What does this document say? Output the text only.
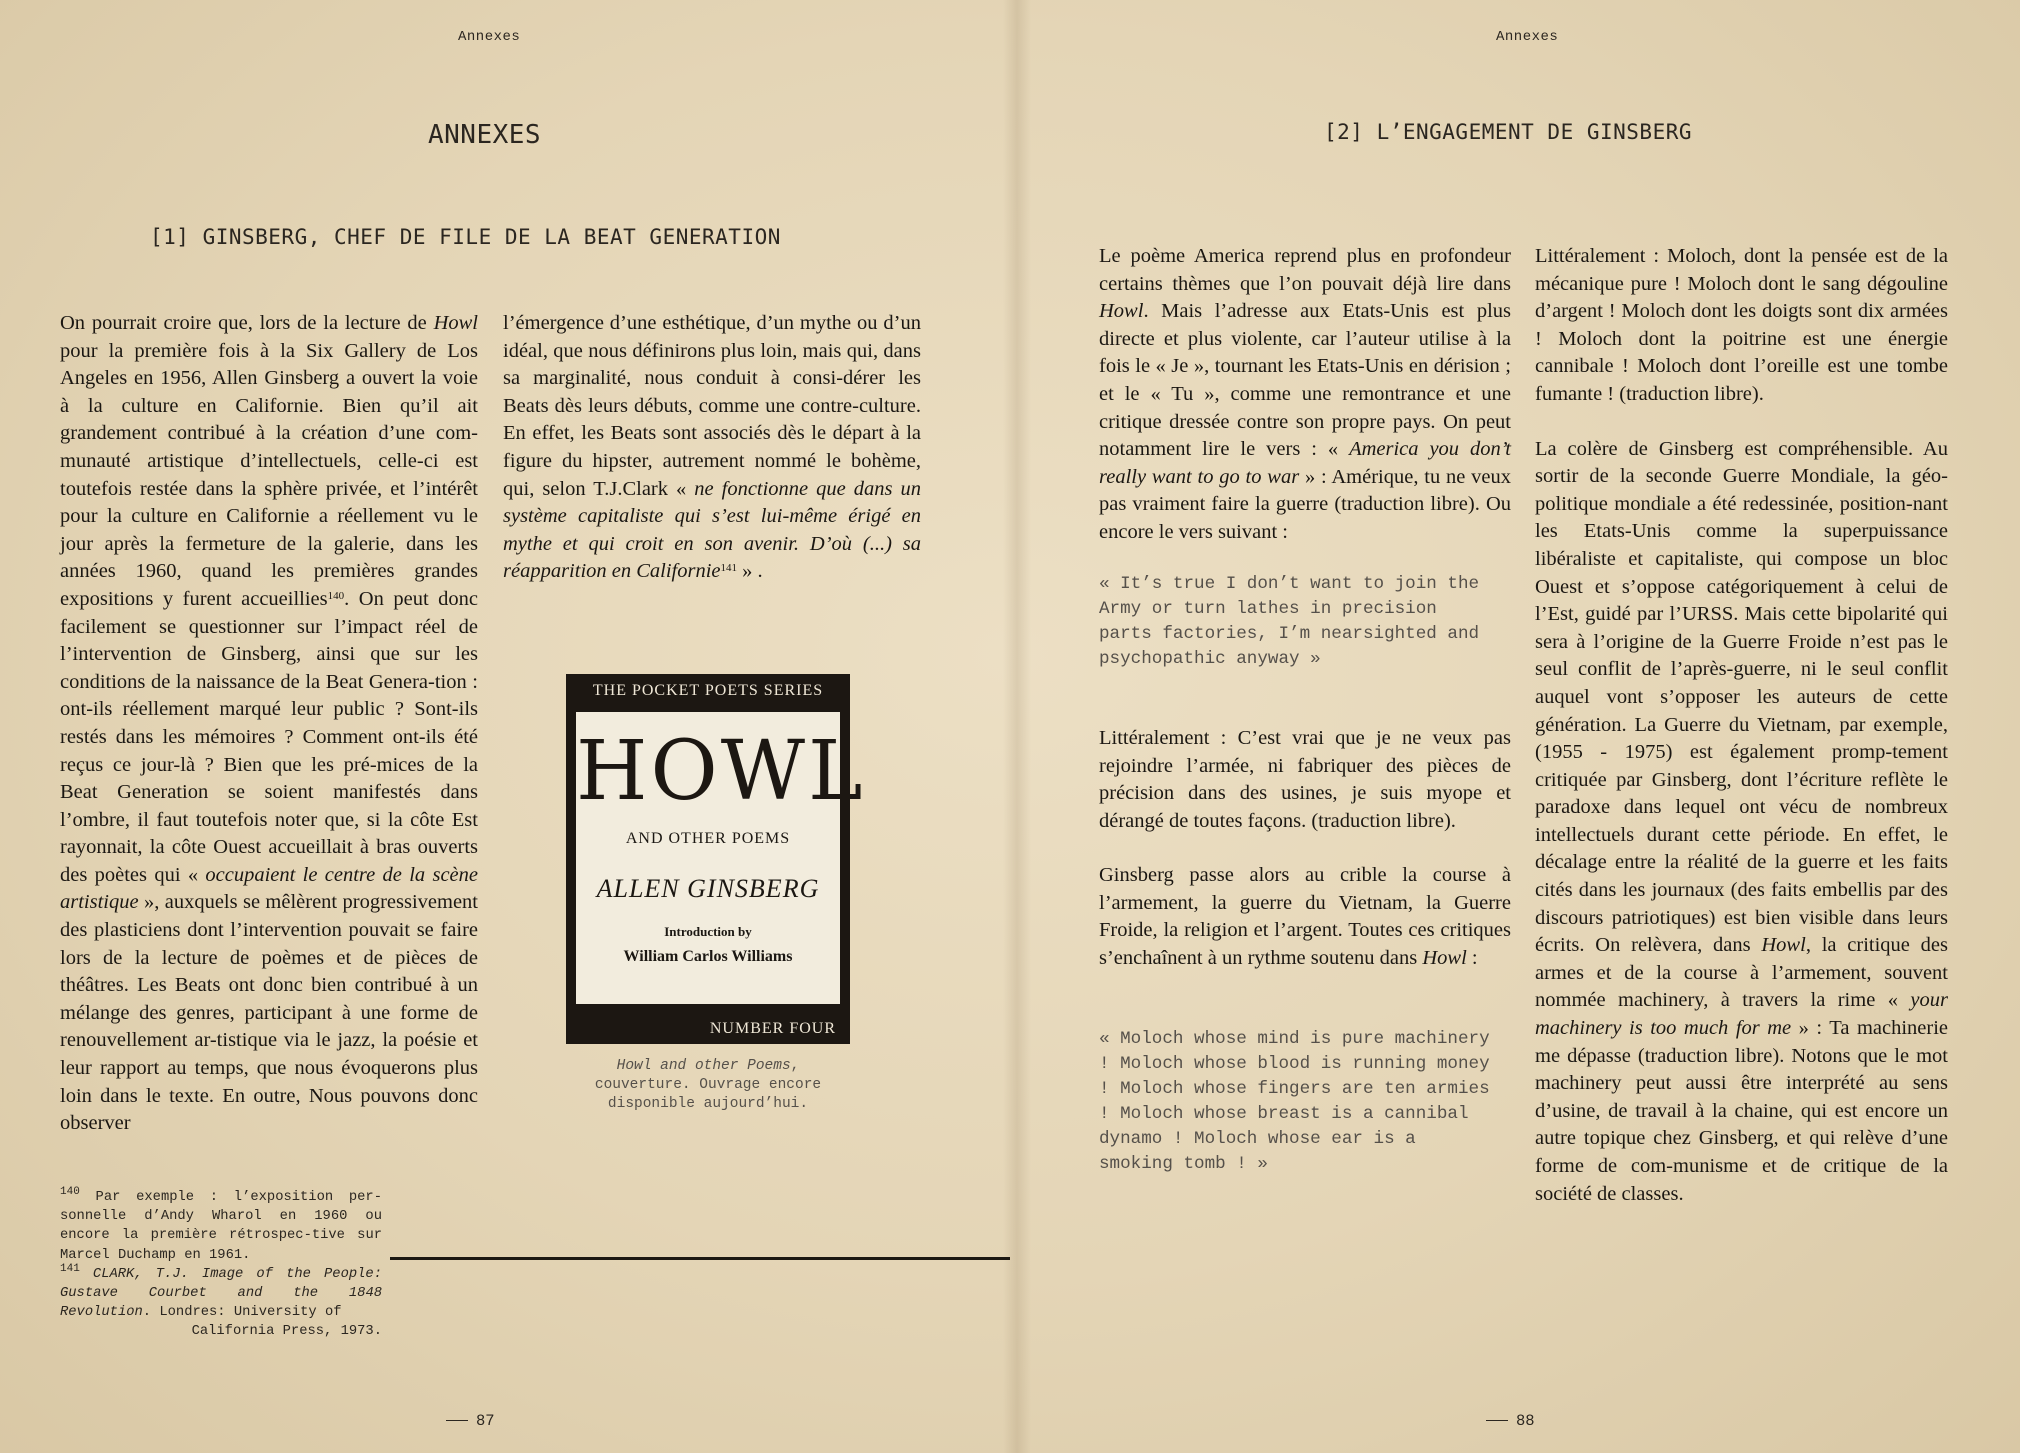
Annexes
ANNEXES
[1] GINSBERG, CHEF DE FILE DE LA BEAT GENERATION

On pourrait croire que, lors de la lecture de Howl pour la première fois à la Six Gallery de Los Angeles en 1956, Allen Ginsberg a ouvert la voie à la culture en Californie. Bien qu’il ait grandement contribué à la création d’une com-munauté artistique d’intellectuels, celle-ci est toutefois restée dans la sphère privée, et l’intérêt pour la culture en Californie a réellement vu le jour après la fermeture de la galerie, dans les années 1960, quand les premières grandes expositions y furent accueillies$^{140}$. On peut donc facilement se questionner sur l’impact réel de l’intervention de Ginsberg, ainsi que sur les conditions de la naissance de la Beat Genera-tion : ont-ils réellement marqué leur public ? Sont-ils restés dans les mémoires ? Comment ont-ils été reçus ce jour-là ? Bien que les pré-mices de la Beat Generation se soient manifestés dans l’ombre, il faut toutefois noter que, si la côte Est rayonnait, la côte Ouest accueillait à bras ouverts des poètes qui « occupaient le centre de la scène artistique », auxquels se mêlèrent progressivement des plasticiens dont l’intervention pouvait se faire lors de la lecture de poèmes et de pièces de théâtres. Les Beats ont donc bien contribué à un mélange des genres, participant à une forme de renouvellement ar-tistique via le jazz, la poésie et leur rapport au temps, que nous évoquerons plus loin dans le texte. En outre, Nous pouvons donc observer

l’émergence d’une esthétique, d’un mythe ou d’un idéal, que nous définirons plus loin, mais qui, dans sa marginalité, nous conduit à consi-dérer les Beats dès leurs débuts, comme une contre-culture. En effet, les Beats sont associés dès le départ à la figure du hipster, autrement nommé le bohème, qui, selon T.J.Clark « ne fonctionne que dans un système capitaliste qui s’est lui-même érigé en mythe et qui croit en son avenir. D’où (...) sa réapparition en Californie$^{141}$ » .

THE POCKET POETS SERIES
HOWL
AND OTHER POEMS
ALLEN GINSBERG
Introduction by
William Carlos Williams
NUMBER FOUR
Howl and other Poems, couverture. Ouvrage encore disponible aujourd’hui.
$^{140}$ Par exemple : l’exposition per-sonnelle d’Andy Wharol en 1960 ou encore la première rétrospec-tive sur Marcel Duchamp en 1961.
$^{141}$ CLARK, T.J. Image of the People: Gustave Courbet and the 1848 Revolution. Londres: University of
California Press, 1973.
87
Annexes
[2] L’ENGAGEMENT DE GINSBERG

Le poème America reprend plus en profondeur certains thèmes que l’on pouvait déjà lire dans Howl. Mais l’adresse aux Etats-Unis est plus directe et plus violente, car l’auteur utilise à la fois le « Je », tournant les Etats-Unis en dérision ; et le « Tu », comme une remontrance et une critique dressée contre son propre pays. On peut notamment lire le vers : « America you don’t really want to go to war » : Amérique, tu ne veux pas vraiment faire la guerre (traduction libre). Ou encore le vers suivant :

« It’s true I don’t want to join the Army or turn lathes in precision parts factories, I’m nearsighted and psychopathic anyway »

Littéralement : C’est vrai que je ne veux pas rejoindre l’armée, ni fabriquer des pièces de précision dans des usines, je suis myope et dérangé de toutes façons. (traduction libre).

Ginsberg passe alors au crible la course à l’armement, la guerre du Vietnam, la Guerre Froide, la religion et l’argent. Toutes ces critiques s’enchaînent à un rythme soutenu dans Howl :

« Moloch whose mind is pure machinery ! Moloch whose blood is running money ! Moloch whose fingers are ten armies ! Moloch whose breast is a cannibal dynamo ! Moloch whose ear is a smoking tomb ! »

Littéralement : Moloch, dont la pensée est de la mécanique pure ! Moloch dont le sang dégouline d’argent ! Moloch dont les doigts sont dix armées ! Moloch dont la poitrine est une énergie cannibale ! Moloch dont l’oreille est une tombe fumante ! (traduction libre).

La colère de Ginsberg est compréhensible. Au sortir de la seconde Guerre Mondiale, la géo-politique mondiale a été redessinée, position-nant les Etats-Unis comme la superpuissance libéraliste et capitaliste, qui compose un bloc Ouest et s’oppose catégoriquement à celui de l’Est, guidé par l’URSS. Mais cette bipolarité qui sera à l’origine de la Guerre Froide n’est pas le seul conflit de l’après-guerre, ni le seul conflit auquel vont s’opposer les auteurs de cette génération. La Guerre du Vietnam, par exemple, (1955 - 1975) est également promp-tement critiquée par Ginsberg, dont l’écriture reflète le paradoxe dans lequel ont vécu de nombreux intellectuels durant cette période. En effet, le décalage entre la réalité de la guerre et les faits cités dans les journaux (des faits embellis par des discours patriotiques) est bien visible dans leurs écrits. On relèvera, dans Howl, la critique des armes et de la course à l’armement, souvent nommée machinery, à travers la rime « your machinery is too much for me » : Ta machinerie me dépasse (traduction libre). Notons que le mot machinery peut aussi être interprété au sens d’usine, de travail à la chaine, qui est encore un autre topique chez Ginsberg, et qui relève d’une forme de com-munisme et de critique de la société de classes.

88
